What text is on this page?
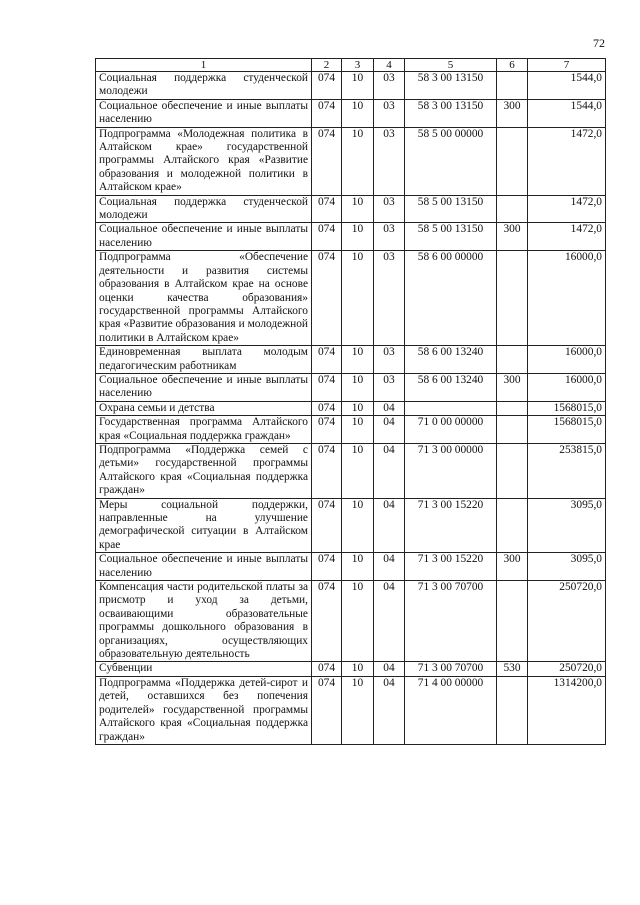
72
1	2	3	4	5	6	7
Социальная поддержка студенческой молодежи	074	10	03	58 3 00 13150		1544,0
Социальное обеспечение и иные выплаты населению	074	10	03	58 3 00 13150	300	1544,0
Подпрограмма «Молодежная политика в Алтайском крае» государственной программы Алтайского края «Развитие образования и молодежной политики в Алтайском крае»	074	10	03	58 5 00 00000		1472,0
Социальная поддержка студенческой молодежи	074	10	03	58 5 00 13150		1472,0
Социальное обеспечение и иные выплаты населению	074	10	03	58 5 00 13150	300	1472,0
Подпрограмма «Обеспечение деятельности и развития системы образования в Алтайском крае на основе оценки качества образования» государственной программы Алтайского края «Развитие образования и молодежной политики в Алтайском крае»	074	10	03	58 6 00 00000		16000,0
Единовременная выплата молодым педагогическим работникам	074	10	03	58 6 00 13240		16000,0
Социальное обеспечение и иные выплаты населению	074	10	03	58 6 00 13240	300	16000,0
Охрана семьи и детства	074	10	04			1568015,0
Государственная программа Алтайского края «Социальная поддержка граждан»	074	10	04	71 0 00 00000		1568015,0
Подпрограмма «Поддержка семей с детьми» государственной программы Алтайского края «Социальная поддержка граждан»	074	10	04	71 3 00 00000		253815,0
Меры социальной поддержки, направленные на улучшение демографической ситуации в Алтайском крае	074	10	04	71 3 00 15220		3095,0
Социальное обеспечение и иные выплаты населению	074	10	04	71 3 00 15220	300	3095,0
Компенсация части родительской платы за присмотр и уход за детьми, осваивающими образовательные программы дошкольного образования в организациях, осуществляющих образовательную деятельность	074	10	04	71 3 00 70700		250720,0
Субвенции	074	10	04	71 3 00 70700	530	250720,0
Подпрограмма «Поддержка детей-сирот и детей, оставшихся без попечения родителей» государственной программы Алтайского края «Социальная поддержка граждан»	074	10	04	71 4 00 00000		1314200,0
